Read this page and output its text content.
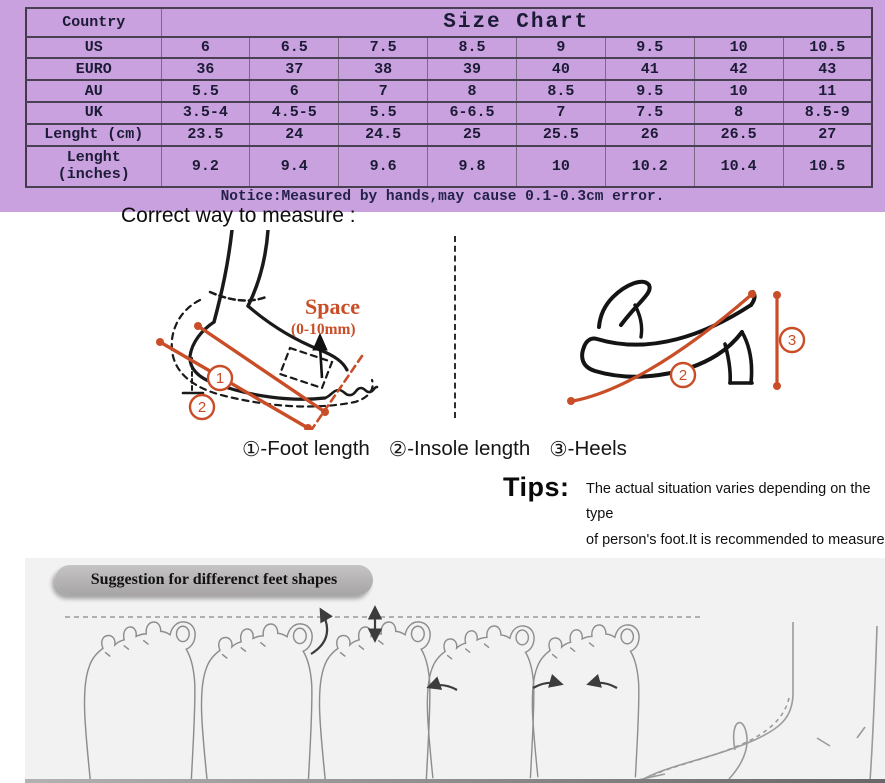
Country	Size Chart							
US	6	6.5	7.5	8.5	9	9.5	10	10.5
EURO	36	37	38	39	40	41	42	43
AU	5.5	6	7	8	8.5	9.5	10	11
UK	3.5-4	4.5-5	5.5	6-6.5	7	7.5	8	8.5-9
Lenght (cm)	23.5	24	24.5	25	25.5	26	26.5	27
Lenght (inches)	9.2	9.4	9.6	9.8	10	10.2	10.4	10.5
Notice:Measured by hands,may cause 0.1-0.3cm error.
Correct way to measure :
1
2
Space
(0-10mm)
2
3
① -Foot length ② -Insole length ③ -Heels
Tips: The actual situation varies depending on the type
of person's foot.It is recommended to measure
Suggestion for differenct feet shapes
